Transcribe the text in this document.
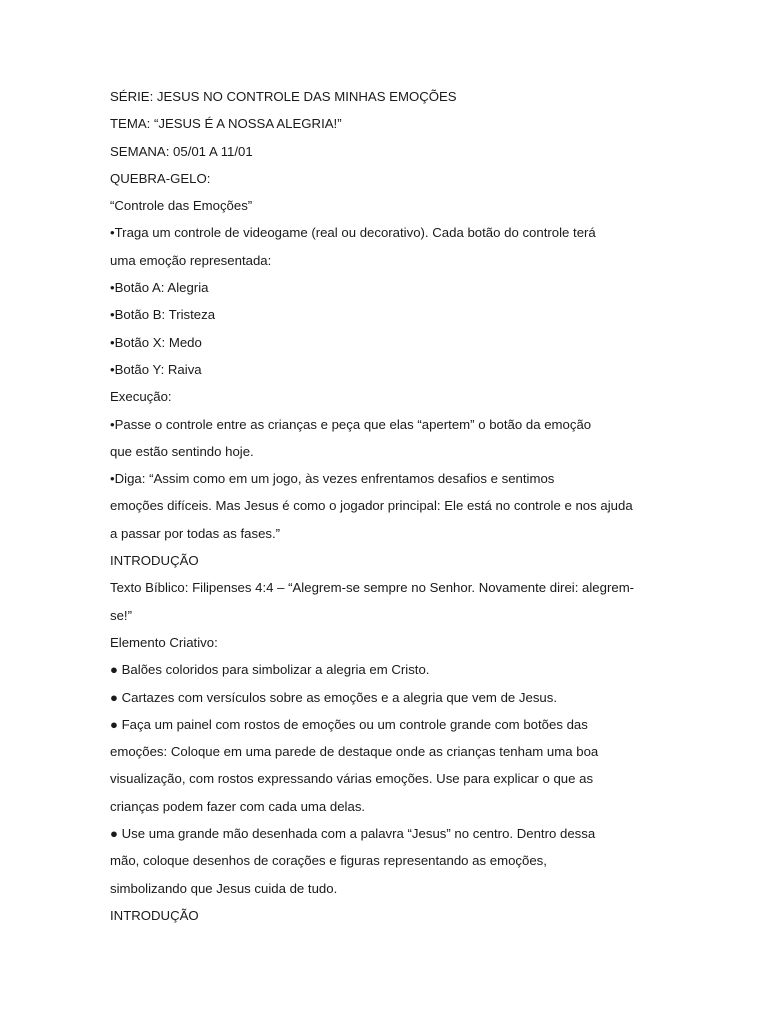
SÉRIE: JESUS NO CONTROLE DAS MINHAS EMOÇÕES
TEMA: “JESUS É A NOSSA ALEGRIA!”
SEMANA: 05/01 A 11/01
QUEBRA-GELO:
“Controle das Emoções”
•Traga um controle de videogame (real ou decorativo). Cada botão do controle terá
uma emoção representada:
•Botão A: Alegria
•Botão B: Tristeza
•Botão X: Medo
•Botão Y: Raiva
Execução:
•Passe o controle entre as crianças e peça que elas “apertem” o botão da emoção
que estão sentindo hoje.
•Diga: “Assim como em um jogo, às vezes enfrentamos desafios e sentimos
emoções difíceis. Mas Jesus é como o jogador principal: Ele está no controle e nos ajuda
a passar por todas as fases.”
INTRODUÇÃO
Texto Bíblico: Filipenses 4:4 – “Alegrem-se sempre no Senhor. Novamente direi: alegrem-
se!”
Elemento Criativo:
● Balões coloridos para simbolizar a alegria em Cristo.
● Cartazes com versículos sobre as emoções e a alegria que vem de Jesus.
● Faça um painel com rostos de emoções ou um controle grande com botões das
emoções: Coloque em uma parede de destaque onde as crianças tenham uma boa
visualização, com rostos expressando várias emoções. Use para explicar o que as
crianças podem fazer com cada uma delas.
● Use uma grande mão desenhada com a palavra “Jesus” no centro. Dentro dessa
mão, coloque desenhos de corações e figuras representando as emoções,
simbolizando que Jesus cuida de tudo.
INTRODUÇÃO
